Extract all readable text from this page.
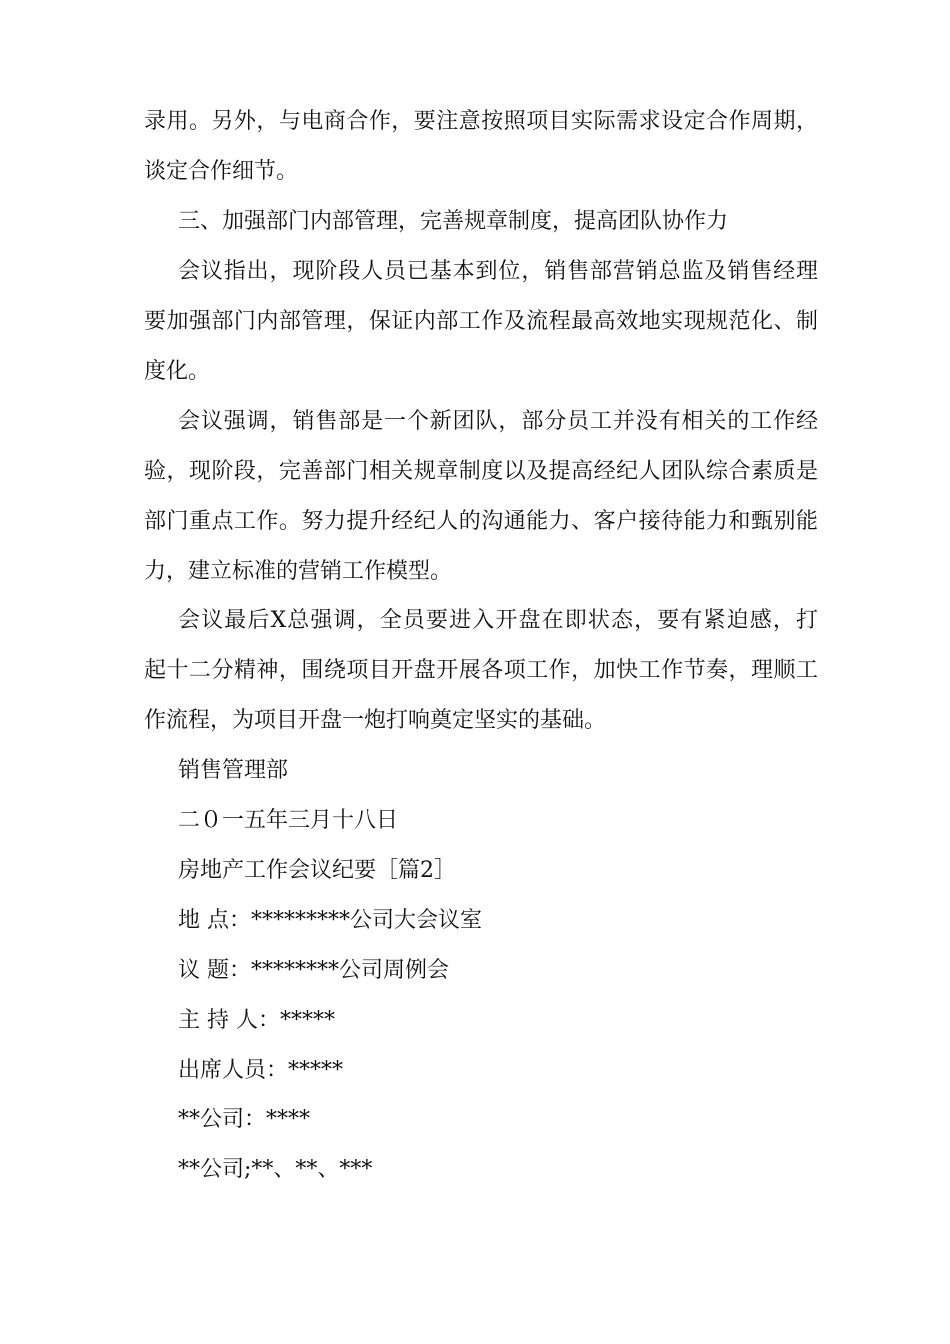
录用。另外，与电商合作，要注意按照项目实际需求设定合作周期，

谈定合作细节。

三、加强部门内部管理，完善规章制度，提高团队协作力

会议指出，现阶段人员已基本到位，销售部营销总监及销售经理

要加强部门内部管理，保证内部工作及流程最高效地实现规范化、制

度化。

会议强调，销售部是一个新团队，部分员工并没有相关的工作经

验，现阶段，完善部门相关规章制度以及提高经纪人团队综合素质是

部门重点工作。努力提升经纪人的沟通能力、客户接待能力和甄别能

力，建立标准的营销工作模型。

会议最后X总强调，全员要进入开盘在即状态，要有紧迫感，打

起十二分精神，围绕项目开盘开展各项工作，加快工作节奏，理顺工

作流程，为项目开盘一炮打响奠定坚实的基础。

销售管理部

二０一五年三月十八日

房地产工作会议纪要［篇2］

地 点：*********公司大会议室

议 题：********公司周例会

主 持 人：*****

出席人员：*****

**公司：****

**公司;**、**、***
